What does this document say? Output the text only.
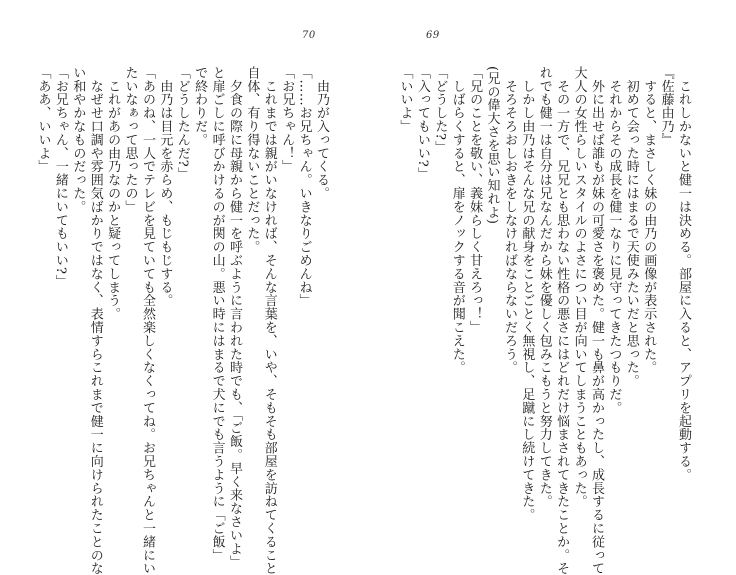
70	69
　これしかないと健一は決める。部屋に入ると、アプリを起動する。
『佐藤由乃』
　すると、まさしく妹の由乃の画像が表示された。
　初めて会った時にはまるで天使みたいだと思った。
　それからその成長を健一なりに見守ってきたつもりだ。
　外に出せば誰もが妹の可愛さを褒めた。健一も鼻が高かったし、成長するに従って
大人の女性らしいスタイルのよさについ目が向いてしまうこともあった。
　その一方で、兄兄とも思わない性格の悪さにはどれだけ悩まされてきたことか。そ
れでも健一は自分は兄なんだから妹を優しく包みこもうと努力してきた。
　しかし由乃はそんな兄の献身をことごとく無視し、足蹴にし続けてきた。
　そろそろおしおきをしなければならないだろう。
(兄の偉大さを思い知れよ)
「兄のことを敬い、義妹らしく甘えろっ！」
　しばらくすると、扉をノックする音が聞こえた。
「どうした?」
「入ってもいい?」
「いいよ」
　由乃が入ってくる。
「……お兄ちゃん。いきなりごめんね」
「お兄ちゃん！」
　これまでは親がいなければ、そんな言葉を、いや、そもそも部屋を訪ねてくること
自体、有り得ないことだった。
　夕食の際に母親から健一を呼ぶように言われた時でも、「ご飯。早く来なさいよ」
と扉ごしに呼びかけるのが関の山。悪い時にはまるで犬にでも言うように「ご飯」
で終わりだ。
「どうしたんだ?」
　由乃は目元を赤らめ、もじもじする。
「あのね、一人でテレビを見ていても全然楽しくなくってね。お兄ちゃんと一緒にい
たいなぁって思ったの」
　これがあの由乃なのかと疑ってしまう。
　なぜせ口調や雰囲気ばかりではなく、表情すらこれまで健一に向けられたことのな
い和やかなものだった。
「お兄ちゃん、一緒にいてもいい?」
「ああ、いいよ」
